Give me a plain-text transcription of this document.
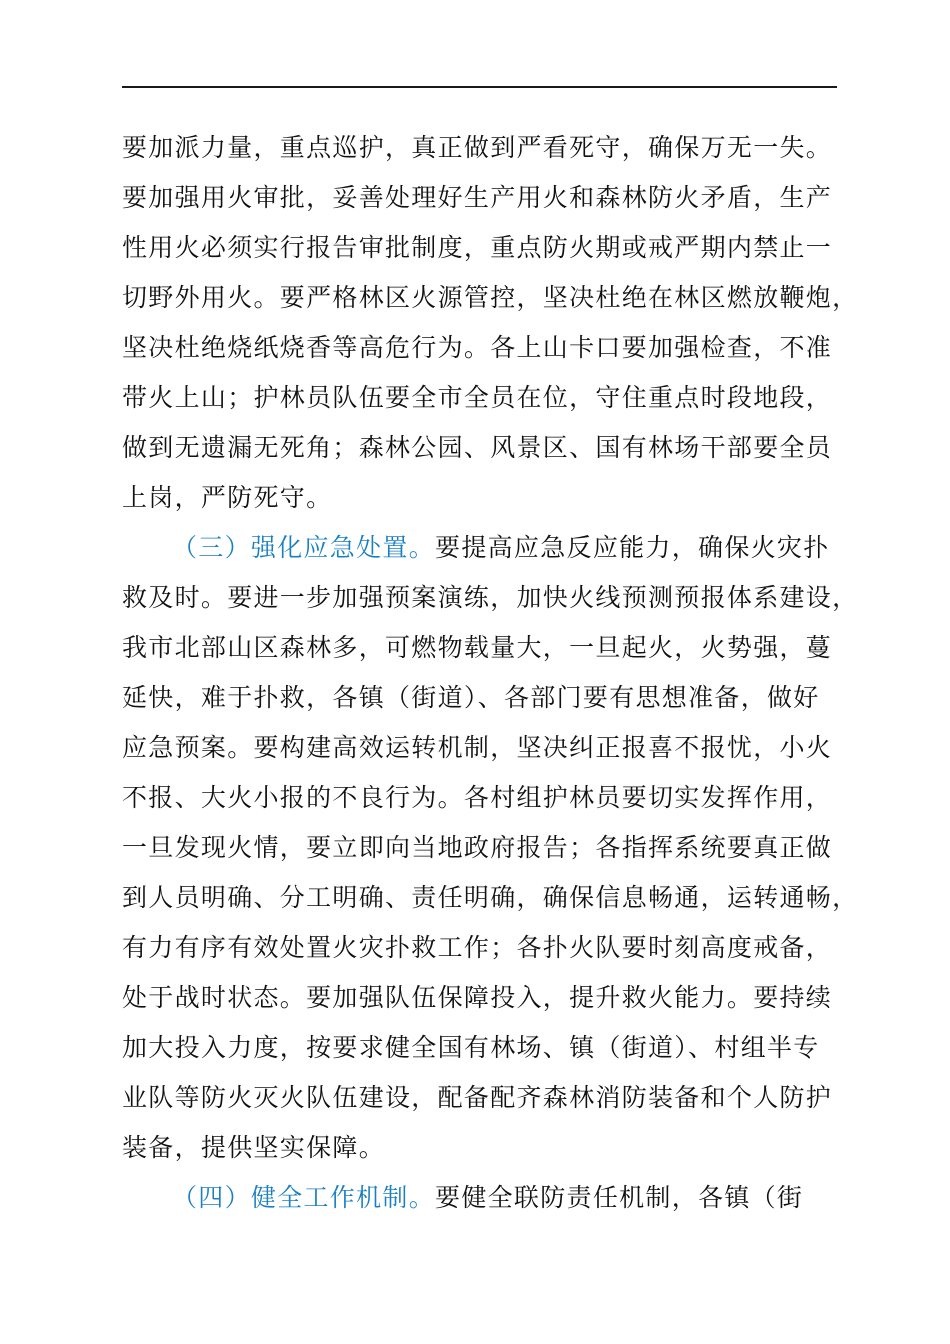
要加派力量，重点巡护，真正做到严看死守，确保万无一失。
要加强用火审批，妥善处理好生产用火和森林防火矛盾，生产
性用火必须实行报告审批制度，重点防火期或戒严期内禁止一
切野外用火。要严格林区火源管控，坚决杜绝在林区燃放鞭炮，
坚决杜绝烧纸烧香等高危行为。各上山卡口要加强检查，不准
带火上山；护林员队伍要全市全员在位，守住重点时段地段，
做到无遗漏无死角；森林公园、风景区、国有林场干部要全员
上岗，严防死守。
（三）强化应急处置。要提高应急反应能力，确保火灾扑
救及时。要进一步加强预案演练，加快火线预测预报体系建设，
我市北部山区森林多，可燃物载量大，一旦起火，火势强，蔓
延快，难于扑救，各镇（街道）、各部门要有思想准备，做好
应急预案。要构建高效运转机制，坚决纠正报喜不报忧，小火
不报、大火小报的不良行为。各村组护林员要切实发挥作用，
一旦发现火情，要立即向当地政府报告；各指挥系统要真正做
到人员明确、分工明确、责任明确，确保信息畅通，运转通畅，
有力有序有效处置火灾扑救工作；各扑火队要时刻高度戒备，
处于战时状态。要加强队伍保障投入，提升救火能力。要持续
加大投入力度，按要求健全国有林场、镇（街道）、村组半专
业队等防火灭火队伍建设，配备配齐森林消防装备和个人防护
装备，提供坚实保障。
（四）健全工作机制。要健全联防责任机制，各镇（街
